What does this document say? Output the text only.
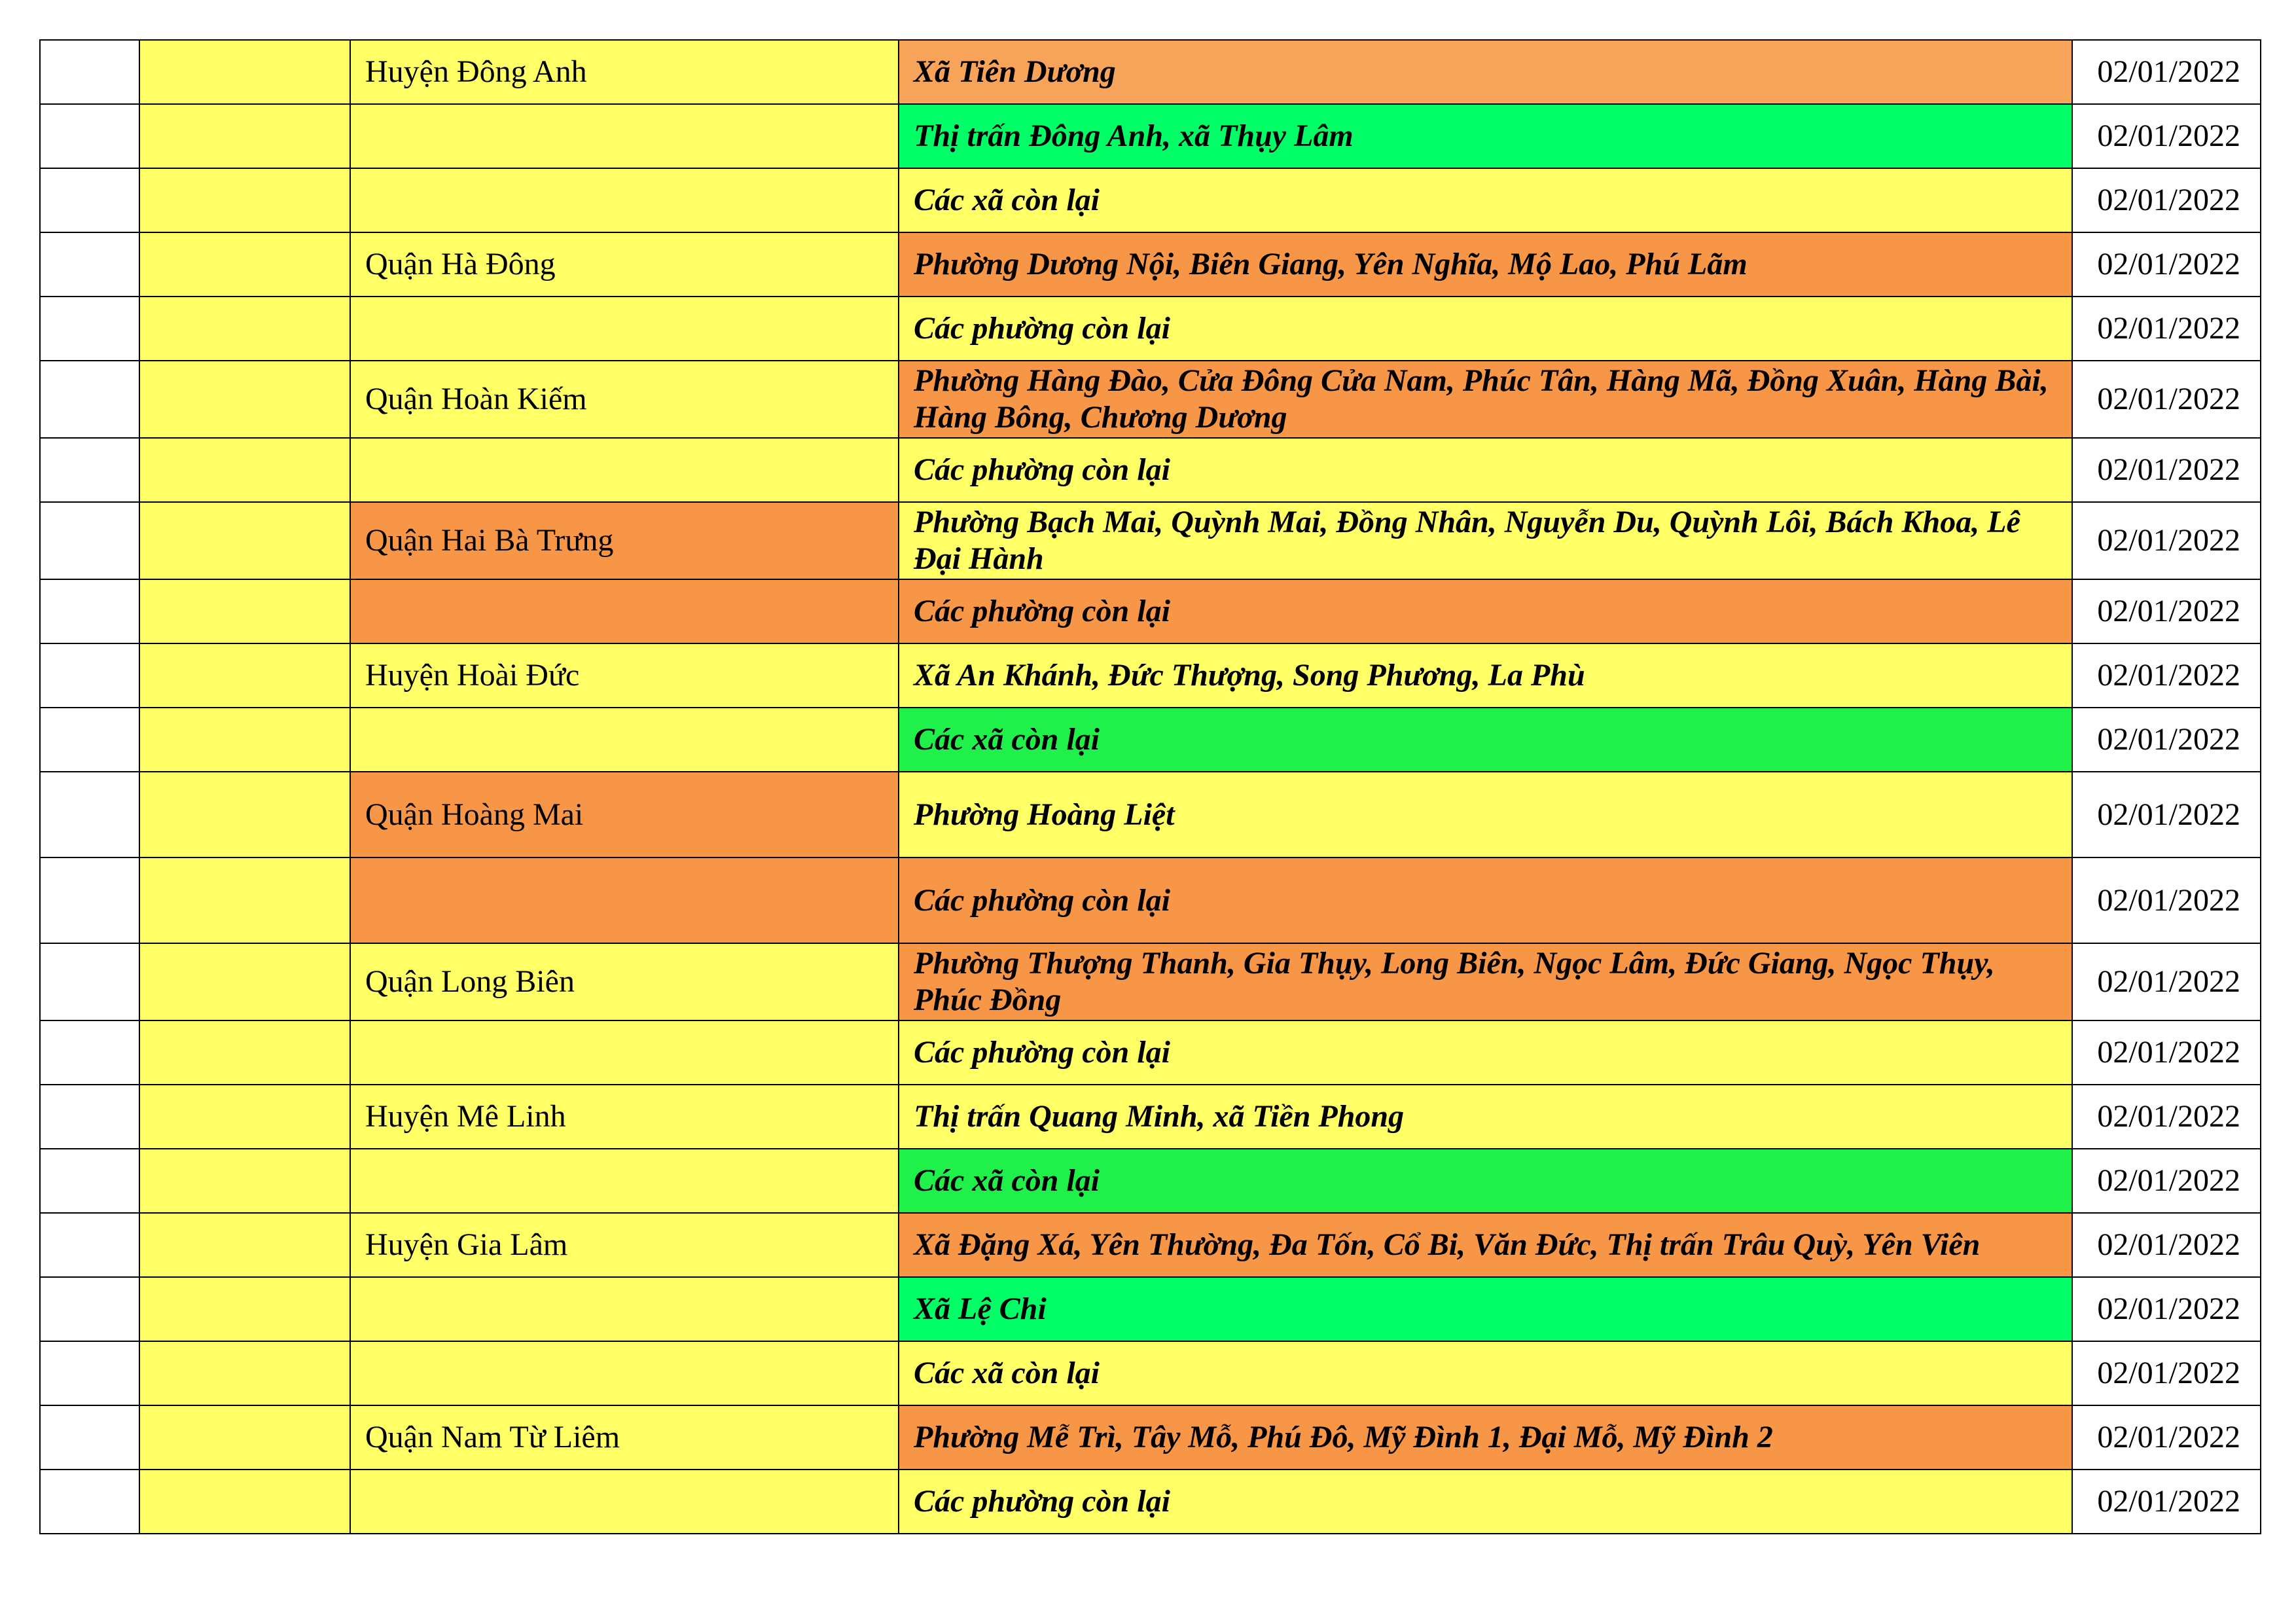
		Huyện Đông Anh	Xã Tiên Dương	02/01/2022
			Thị trấn Đông Anh, xã Thụy Lâm	02/01/2022
			Các xã còn lại	02/01/2022
		Quận Hà Đông	Phường Dương Nội, Biên Giang, Yên Nghĩa, Mộ Lao, Phú Lãm	02/01/2022
			Các phường còn lại	02/01/2022
		Quận Hoàn Kiếm	Phường Hàng Đào, Cửa Đông Cửa Nam, Phúc Tân, Hàng Mã, Đồng Xuân, Hàng Bài, Hàng Bông, Chương Dương	02/01/2022
			Các phường còn lại	02/01/2022
		Quận Hai Bà Trưng	Phường Bạch Mai, Quỳnh Mai, Đồng Nhân, Nguyễn Du, Quỳnh Lôi, Bách Khoa, Lê Đại Hành	02/01/2022
			Các phường còn lại	02/01/2022
		Huyện Hoài Đức	Xã An Khánh, Đức Thượng, Song Phương, La Phù	02/01/2022
			Các xã còn lại	02/01/2022
		Quận Hoàng Mai	Phường Hoàng Liệt	02/01/2022
			Các phường còn lại	02/01/2022
		Quận Long Biên	Phường Thượng Thanh, Gia Thụy, Long Biên, Ngọc Lâm, Đức Giang, Ngọc Thụy, Phúc Đồng	02/01/2022
			Các phường còn lại	02/01/2022
		Huyện Mê Linh	Thị trấn Quang Minh, xã Tiền Phong	02/01/2022
			Các xã còn lại	02/01/2022
		Huyện Gia Lâm	Xã Đặng Xá, Yên Thường, Đa Tốn, Cổ Bi, Văn Đức, Thị trấn Trâu Quỳ, Yên Viên	02/01/2022
			Xã Lệ Chi	02/01/2022
			Các xã còn lại	02/01/2022
		Quận Nam Từ Liêm	Phường Mễ Trì, Tây Mỗ, Phú Đô, Mỹ Đình 1, Đại Mỗ, Mỹ Đình 2	02/01/2022
			Các phường còn lại	02/01/2022
